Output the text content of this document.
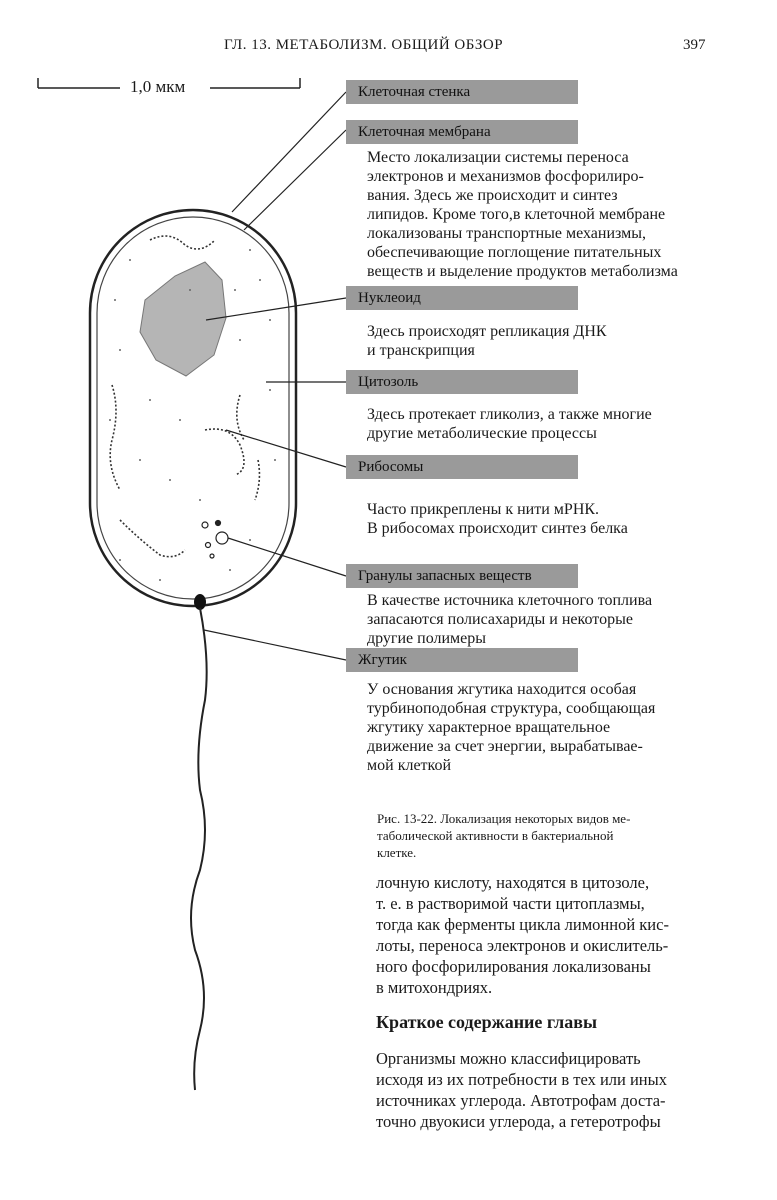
ГЛ. 13. МЕТАБОЛИЗМ. ОБЩИЙ ОБЗОР	397
1,0 мкм	Клеточная стенка
Клеточная мембрана
Место локализации системы переноса
электронов и механизмов фосфорилиро-
вания. Здесь же происходит и синтез
липидов. Кроме того,в клеточной мембране
локализованы транспортные механизмы,
обеспечивающие поглощение питательных
веществ и выделение продуктов метаболизма
Нуклеоид
Здесь происходят репликация ДНК
и транскрипция
Цитозоль
Здесь протекает гликолиз, а также многие
другие метаболические процессы
Рибосомы
Часто прикреплены к нити мРНК.
В рибосомах происходит синтез белка
Гранулы запасных веществ
В качестве источника клеточного топлива
запасаются полисахариды и некоторые
другие полимеры
Жгутик
У основания жгутика находится особая
турбиноподобная структура, сообщающая
жгутику характерное вращательное
движение за счет энергии, вырабатывае-
мой клеткой
Рис. 13-22. Локализация некоторых видов ме-
таболической активности в бактериальной
клетке.
лочную кислоту, находятся в цитозоле,
т. е. в растворимой части цитоплазмы,
тогда как ферменты цикла лимонной кис-
лоты, переноса электронов и окислитель-
ного фосфорилирования локализованы
в митохондриях.
Краткое содержание главы
Организмы можно классифицировать
исходя из их потребности в тех или иных
источниках углерода. Автотрофам доста-
точно двуокиси углерода, а гетеротрофы
